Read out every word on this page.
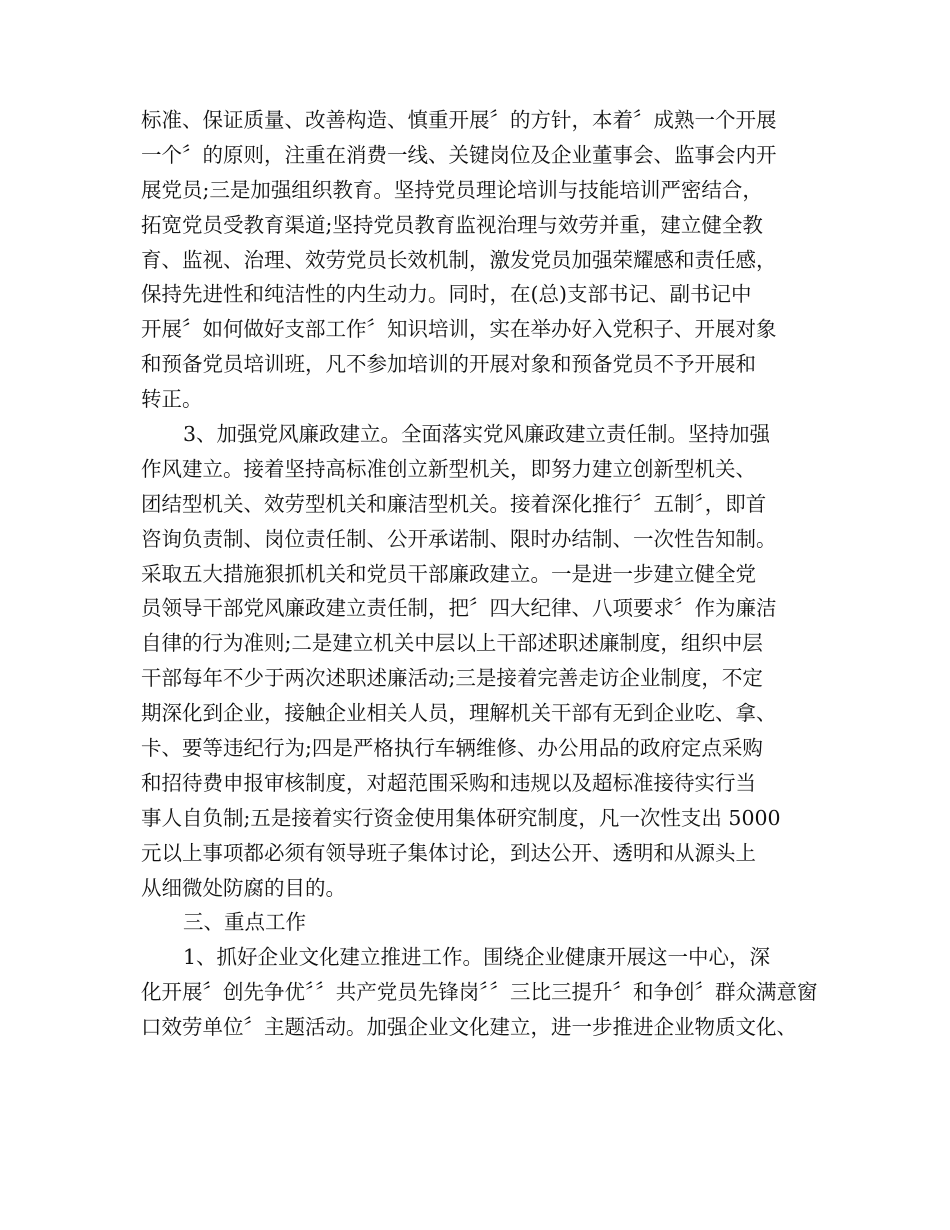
标准、保证质量、改善构造、慎重开展〞的方针，本着〞成熟一个开展
一个〞的原则，注重在消费一线、关键岗位及企业董事会、监事会内开
展党员;三是加强组织教育。坚持党员理论培训与技能培训严密结合，
拓宽党员受教育渠道;坚持党员教育监视治理与效劳并重，建立健全教
育、监视、治理、效劳党员长效机制，激发党员加强荣耀感和责任感，
保持先进性和纯洁性的内生动力。同时，在(总)支部书记、副书记中
开展〞如何做好支部工作〞知识培训，实在举办好入党积子、开展对象
和预备党员培训班，凡不参加培训的开展对象和预备党员不予开展和
转正。
3、加强党风廉政建立。全面落实党风廉政建立责任制。坚持加强
作风建立。接着坚持高标准创立新型机关，即努力建立创新型机关、
团结型机关、效劳型机关和廉洁型机关。接着深化推行〞五制〞，即首
咨询负责制、岗位责任制、公开承诺制、限时办结制、一次性告知制。
采取五大措施狠抓机关和党员干部廉政建立。一是进一步建立健全党
员领导干部党风廉政建立责任制，把〞四大纪律、八项要求〞作为廉洁
自律的行为准则;二是建立机关中层以上干部述职述廉制度，组织中层
干部每年不少于两次述职述廉活动;三是接着完善走访企业制度，不定
期深化到企业，接触企业相关人员，理解机关干部有无到企业吃、拿、
卡、要等违纪行为;四是严格执行车辆维修、办公用品的政府定点采购
和招待费申报审核制度，对超范围采购和违规以及超标准接待实行当
事人自负制;五是接着实行资金使用集体研究制度，凡一次性支出 5000
元以上事项都必须有领导班子集体讨论，到达公开、透明和从源头上
从细微处防腐的目的。
三、重点工作
1、抓好企业文化建立推进工作。围绕企业健康开展这一中心，深
化开展〞创先争优〞〞共产党员先锋岗〞〞三比三提升〞和争创〞群众满意窗
口效劳单位〞主题活动。加强企业文化建立，进一步推进企业物质文化、
